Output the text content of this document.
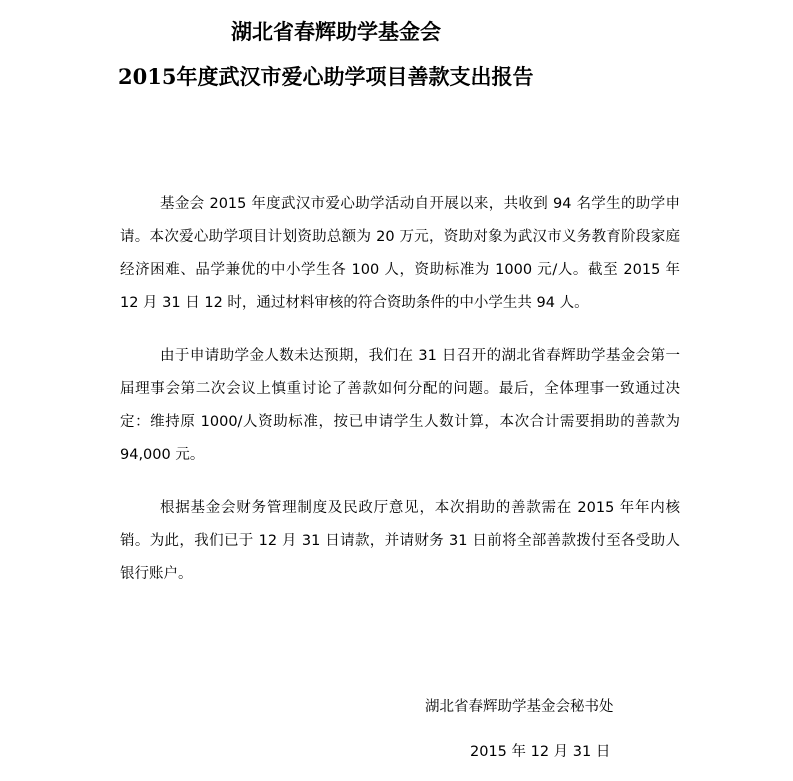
湖北省春辉助学基金会
2015年度武汉市爱心助学项目善款支出报告

基金会 2015 年度武汉市爱心助学活动自开展以来，共收到 94 名学生的助学申请。本次爱心助学项目计划资助总额为 20 万元，资助对象为武汉市义务教育阶段家庭经济困难、品学兼优的中小学生各 100 人，资助标准为 1000 元/人。截至 2015 年 12 月 31 日 12 时，通过材料审核的符合资助条件的中小学生共 94 人。

由于申请助学金人数未达预期，我们在 31 日召开的湖北省春辉助学基金会第一届理事会第二次会议上慎重讨论了善款如何分配的问题。最后，全体理事一致通过决定：维持原 1000/人资助标准，按已申请学生人数计算，本次合计需要捐助的善款为 94,000 元。

根据基金会财务管理制度及民政厅意见，本次捐助的善款需在 2015 年年内核销。为此，我们已于 12 月 31 日请款，并请财务 31 日前将全部善款拨付至各受助人银行账户。

湖北省春辉助学基金会秘书处
2015 年 12 月 31 日
